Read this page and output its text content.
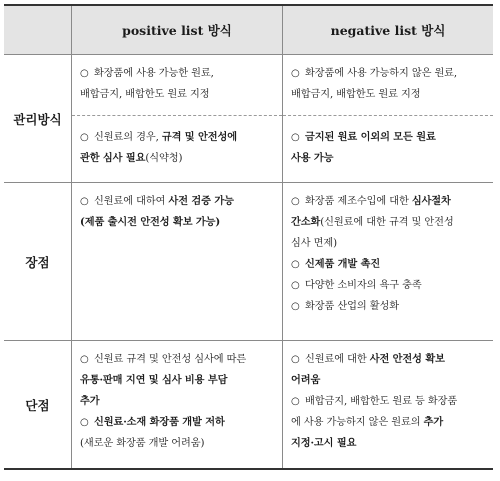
positive list 방식	negative list 방식
관리방식
○ 화장품에 사용 가능한 원료,
배합금지, 배합한도 원료 지정
○ 신원료의 경우, 규격 및 안전성에
관한 심사 필요(식약청)
○ 화장품에 사용 가능하지 않은 원료,
배합금지, 배합한도 원료 지정
○ 금지된 원료 이외의 모든 원료
사용 가능
장점
○ 신원료에 대하여 사전 검증 가능
(제품 출시전 안전성 확보 가능)
○ 화장품 제조수입에 대한 심사절차
간소화(신원료에 대한 규격 및 안전성
심사 면제)
○ 신제품 개발 촉진
○ 다양한 소비자의 욕구 충족
○ 화장품 산업의 활성화
단점
○ 신원료 규격 및 안전성 심사에 따른
유통·판매 지연 및 심사 비용 부담
추가
○ 신원료·소재 화장품 개발 저하
(새로운 화장품 개발 어려움)
○ 신원료에 대한 사전 안전성 확보
어려움
○ 배합금지, 배합한도 원료 등 화장품
에 사용 가능하지 않은 원료의 추가
지정·고시 필요
